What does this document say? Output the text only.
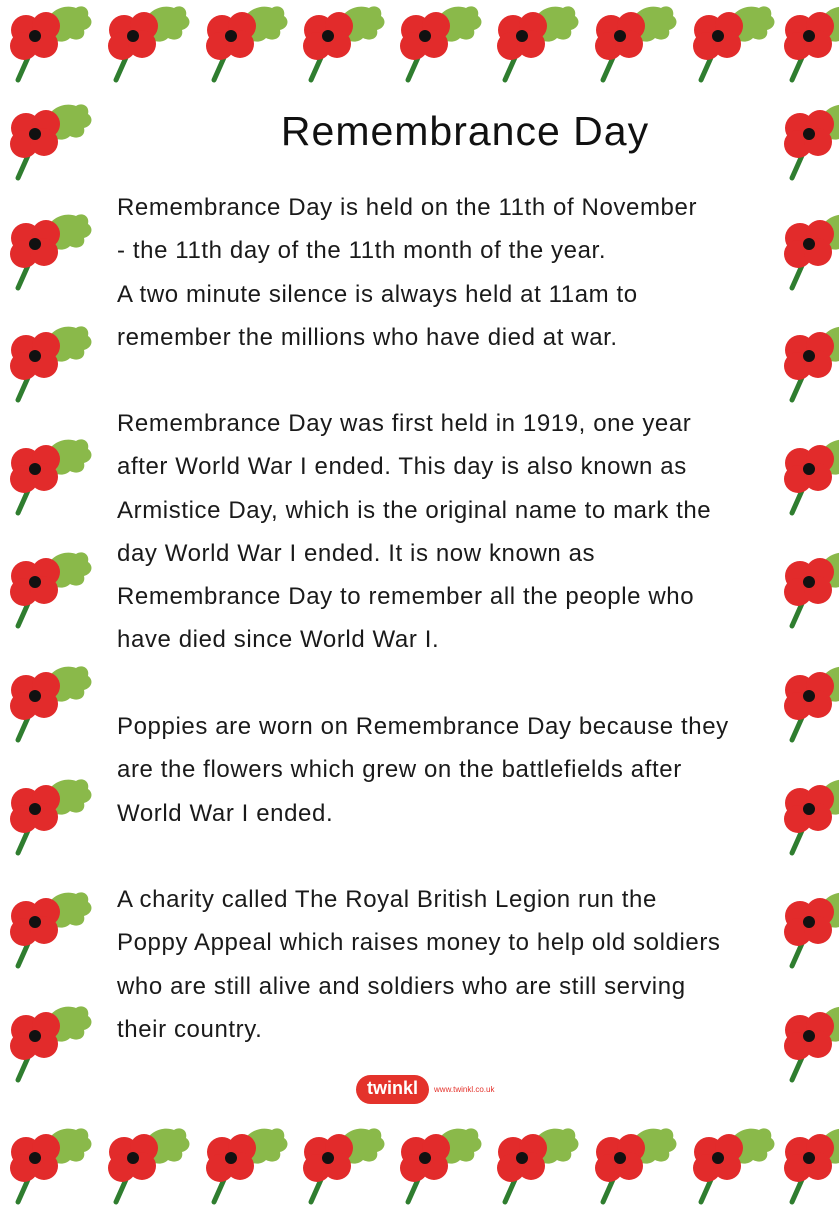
Remembrance Day
Remembrance Day is held on the 11th of November
- the 11th day of the 11th month of the year.
A two minute silence is always held at 11am to
remember the millions who have died at war.
Remembrance Day was first held in 1919, one year
after World War I ended. This day is also known as
Armistice Day, which is the original name to mark the
day World War I ended. It is now known as
Remembrance Day to remember all the people who
have died since World War I.
Poppies are worn on Remembrance Day because they
are the flowers which grew on the battlefields after
World War I ended.
A charity called The Royal British Legion run the
Poppy Appeal which raises money to help old soldiers
who are still alive and soldiers who are still serving
their country.
twinkl	www.twinkl.co.uk
